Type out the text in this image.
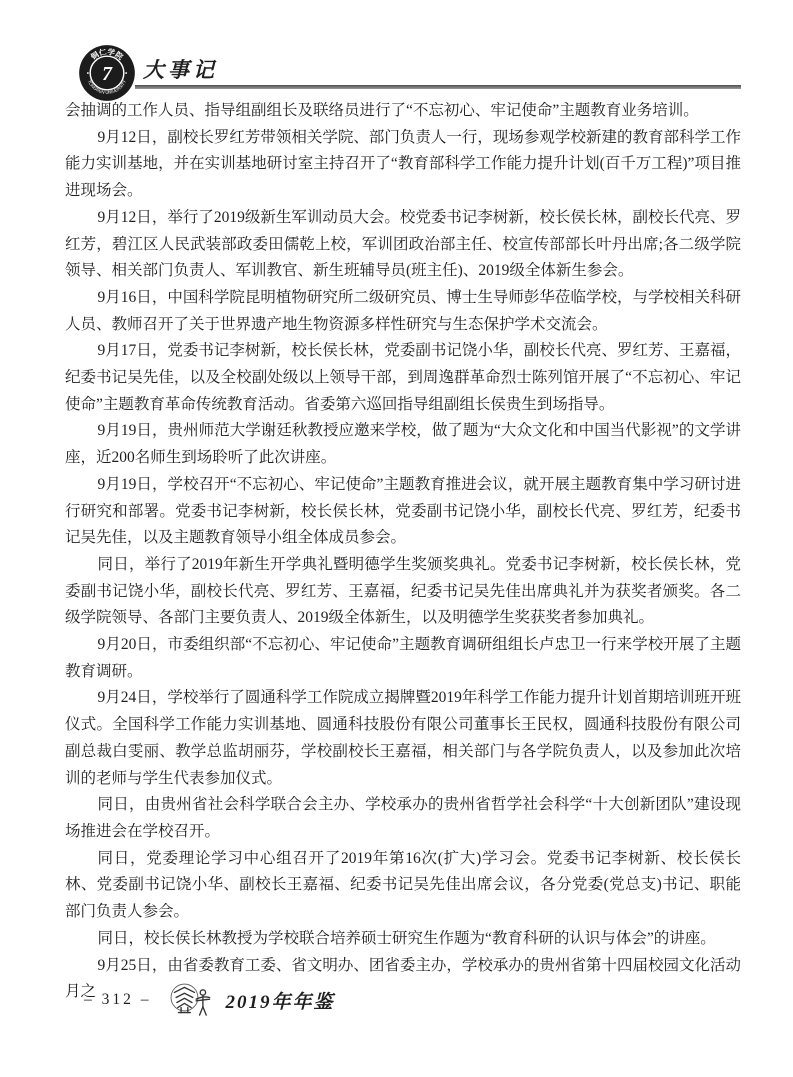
铜仁学院
TONGREN UNIVERSITY
7	大事记

会抽调的工作人员、指导组副组长及联络员进行了“不忘初心、牢记使命”主题教育业务培训。

9月12日，副校长罗红芳带领相关学院、部门负责人一行，现场参观学校新建的教育部科学工作能力实训基地，并在实训基地研讨室主持召开了“教育部科学工作能力提升计划(百千万工程)”项目推进现场会。

9月12日，举行了2019级新生军训动员大会。校党委书记李树新，校长侯长林，副校长代亮、罗红芳，碧江区人民武装部政委田儒乾上校，军训团政治部主任、校宣传部部长叶丹出席;各二级学院领导、相关部门负责人、军训教官、新生班辅导员(班主任)、2019级全体新生参会。

9月16日，中国科学院昆明植物研究所二级研究员、博士生导师彭华莅临学校，与学校相关科研人员、教师召开了关于世界遗产地生物资源多样性研究与生态保护学术交流会。

9月17日，党委书记李树新，校长侯长林，党委副书记饶小华，副校长代亮、罗红芳、王嘉福，纪委书记吴先佳，以及全校副处级以上领导干部，到周逸群革命烈士陈列馆开展了“不忘初心、牢记使命”主题教育革命传统教育活动。省委第六巡回指导组副组长侯贵生到场指导。

9月19日，贵州师范大学谢廷秋教授应邀来学校，做了题为“大众文化和中国当代影视”的文学讲座，近200名师生到场聆听了此次讲座。

9月19日，学校召开“不忘初心、牢记使命”主题教育推进会议，就开展主题教育集中学习研讨进行研究和部署。党委书记李树新，校长侯长林，党委副书记饶小华，副校长代亮、罗红芳，纪委书记吴先佳，以及主题教育领导小组全体成员参会。

同日，举行了2019年新生开学典礼暨明德学生奖颁奖典礼。党委书记李树新，校长侯长林，党委副书记饶小华，副校长代亮、罗红芳、王嘉福，纪委书记吴先佳出席典礼并为获奖者颁奖。各二级学院领导、各部门主要负责人、2019级全体新生，以及明德学生奖获奖者参加典礼。

9月20日，市委组织部“不忘初心、牢记使命”主题教育调研组组长卢忠卫一行来学校开展了主题教育调研。

9月24日，学校举行了圆通科学工作院成立揭牌暨2019年科学工作能力提升计划首期培训班开班仪式。全国科学工作能力实训基地、圆通科技股份有限公司董事长王民权，圆通科技股份有限公司副总裁白雯丽、教学总监胡丽芬，学校副校长王嘉福，相关部门与各学院负责人，以及参加此次培训的老师与学生代表参加仪式。

同日，由贵州省社会科学联合会主办、学校承办的贵州省哲学社会科学“十大创新团队”建设现场推进会在学校召开。

同日，党委理论学习中心组召开了2019年第16次(扩大)学习会。党委书记李树新、校长侯长林、党委副书记饶小华、副校长王嘉福、纪委书记吴先佳出席会议，各分党委(党总支)书记、职能部门负责人参会。

同日，校长侯长林教授为学校联合培养硕士研究生作题为“教育科研的认识与体会”的讲座。

9月25日，由省委教育工委、省文明办、团省委主办，学校承办的贵州省第十四届校园文化活动月之

– 312 –	2019年年鉴
